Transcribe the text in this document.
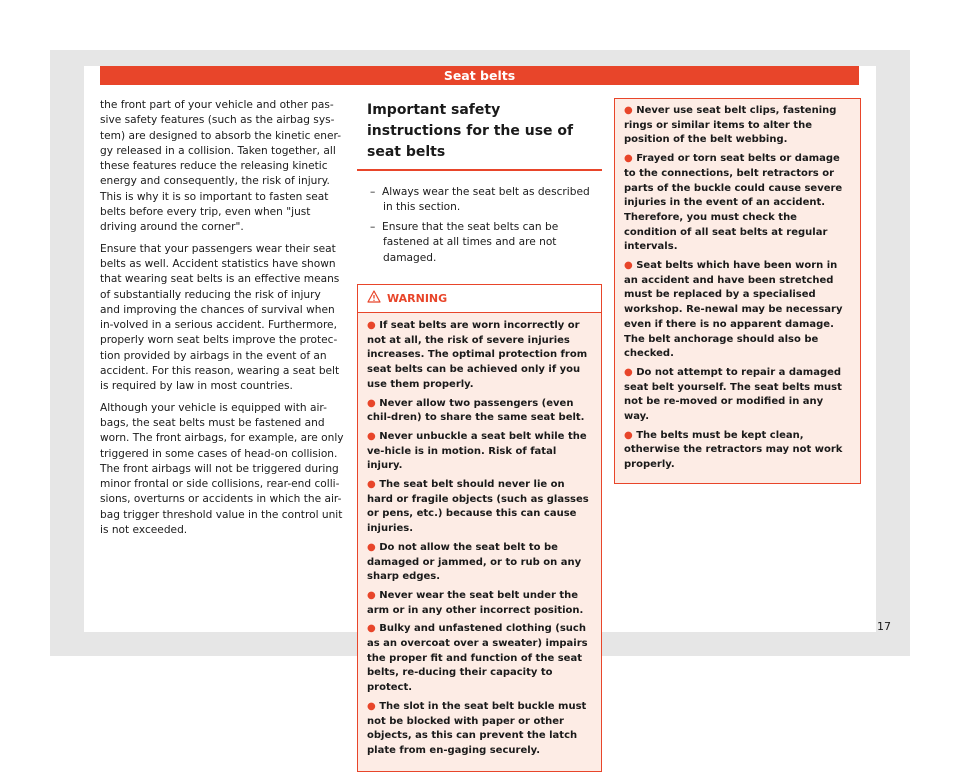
Seat belts

the front part of your vehicle and other pas-sive safety features (such as the airbag sys-tem) are designed to absorb the kinetic ener-gy released in a collision. Taken together, all these features reduce the releasing kinetic energy and consequently, the risk of injury. This is why it is so important to fasten seat belts before every trip, even when "just driving around the corner".

Ensure that your passengers wear their seat belts as well. Accident statistics have shown that wearing seat belts is an effective means of substantially reducing the risk of injury and improving the chances of survival when in-volved in a serious accident. Furthermore, properly worn seat belts improve the protec-tion provided by airbags in the event of an accident. For this reason, wearing a seat belt is required by law in most countries.

Although your vehicle is equipped with air-bags, the seat belts must be fastened and worn. The front airbags, for example, are only triggered in some cases of head-on collision. The front airbags will not be triggered during minor frontal or side collisions, rear-end colli-sions, overturns or accidents in which the air-bag trigger threshold value in the control unit is not exceeded.

Important safety instructions for the use of seat belts
–  Always wear the seat belt as described in this section.
–  Ensure that the seat belts can be fastened at all times and are not damaged.
WARNING
● If seat belts are worn incorrectly or not at all, the risk of severe injuries increases. The optimal protection from seat belts can be achieved only if you use them properly.
● Never allow two passengers (even chil-dren) to share the same seat belt.
● Never unbuckle a seat belt while the ve-hicle is in motion. Risk of fatal injury.
● The seat belt should never lie on hard or fragile objects (such as glasses or pens, etc.) because this can cause injuries.
● Do not allow the seat belt to be damaged or jammed, or to rub on any sharp edges.
● Never wear the seat belt under the arm or in any other incorrect position.
● Bulky and unfastened clothing (such as an overcoat over a sweater) impairs the proper fit and function of the seat belts, re-ducing their capacity to protect.
● The slot in the seat belt buckle must not be blocked with paper or other objects, as this can prevent the latch plate from en-gaging securely.
● Never use seat belt clips, fastening rings or similar items to alter the position of the belt webbing.
● Frayed or torn seat belts or damage to the connections, belt retractors or parts of the buckle could cause severe injuries in the event of an accident. Therefore, you must check the condition of all seat belts at regular intervals.
● Seat belts which have been worn in an accident and have been stretched must be replaced by a specialised workshop. Re-newal may be necessary even if there is no apparent damage. The belt anchorage should also be checked.
● Do not attempt to repair a damaged seat belt yourself. The seat belts must not be re-moved or modified in any way.
● The belts must be kept clean, otherwise the retractors may not work properly.
17
